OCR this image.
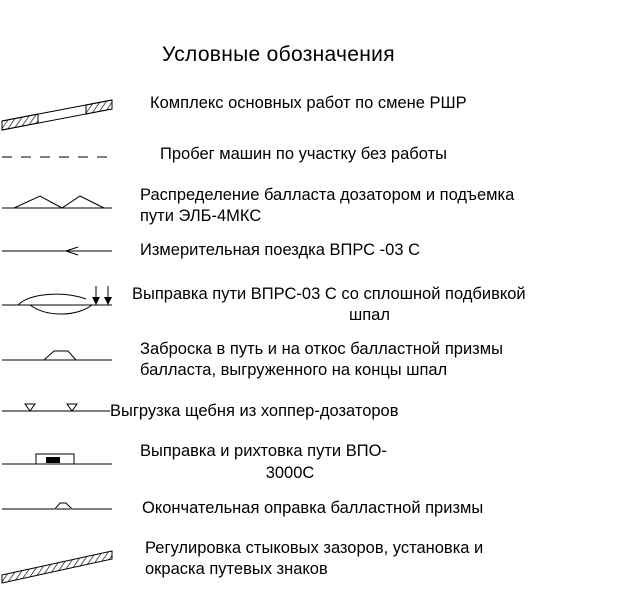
Условные обозначения
Комплекс основных работ по смене РШР
Пробег машин по участку без работы
Распределение балласта дозатором и подъемка
пути ЭЛБ-4МКС
Измерительная поездка ВПРС -03 С
Выправка пути ВПРС-03 С со сплошной подбивкой
шпал
Заброска в путь и на откос балластной призмы
балласта, выгруженного на концы шпал
Выгрузка щебня из хоппер-дозаторов
Выправка и рихтовка пути ВПО-
3000С
Окончательная оправка балластной призмы
Регулировка стыковых зазоров, установка и
окраска путевых знаков
